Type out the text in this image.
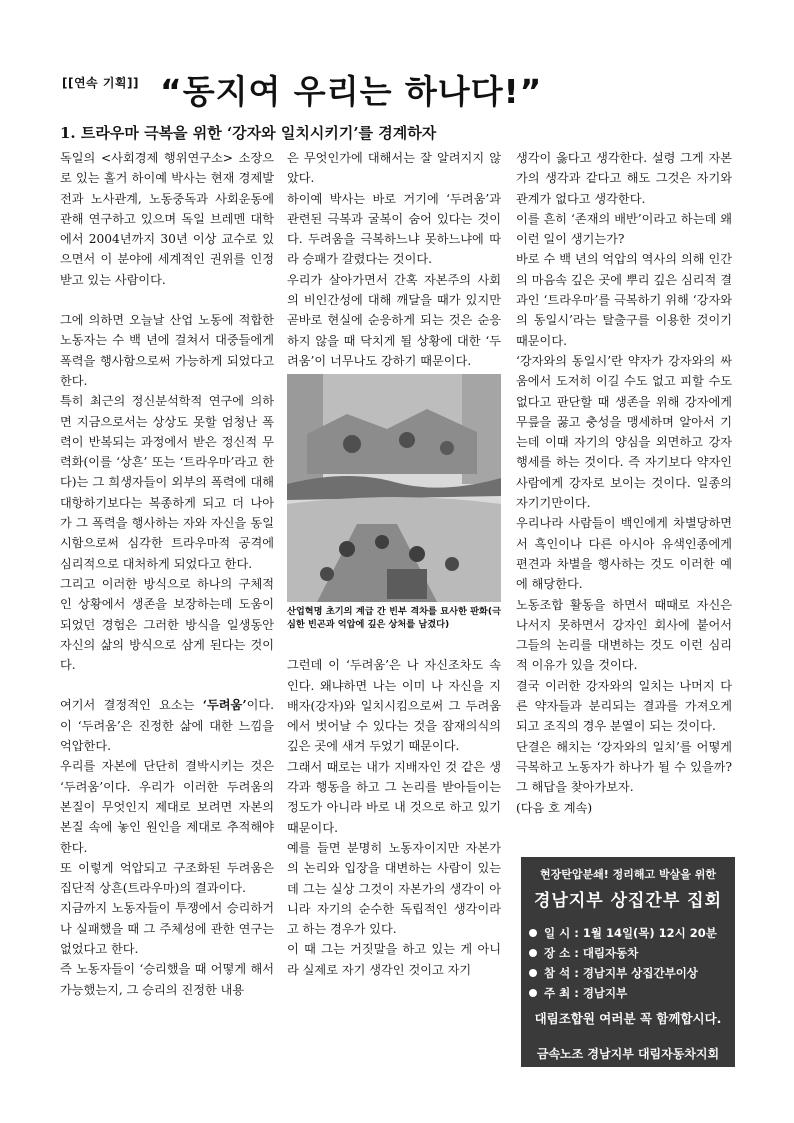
[[연속 기획]] “동지여 우리는 하나다!”
1. 트라우마 극복을 위한 ‘강자와 일치시키기’를 경계하자

독일의 <사회경제 행위연구소> 소장으로 있는 홀거 하이예 박사는 현재 경제발전과 노사관계, 노동중독과 사회운동에 관해 연구하고 있으며 독일 브레멘 대학에서 2004년까지 30년 이상 교수로 있으면서 이 분야에 세계적인 권위를 인정받고 있는 사람이다.

그에 의하면 오늘날 산업 노동에 적합한 노동자는 수 백 년에 걸쳐서 대중들에게 폭력을 행사함으로써 가능하게 되었다고 한다.

특히 최근의 정신분석학적 연구에 의하면 지금으로서는 상상도 못할 엄청난 폭력이 반복되는 과정에서 받은 정신적 무력화(이를 ‘상흔’ 또는 ‘트라우마’라고 한다)는 그 희생자들이 외부의 폭력에 대해 대항하기보다는 복종하게 되고 더 나아가 그 폭력을 행사하는 자와 자신을 동일시함으로써 심각한 트라우마적 공격에 심리적으로 대처하게 되었다고 한다.

그리고 이러한 방식으로 하나의 구체적인 상황에서 생존을 보장하는데 도움이 되었던 경험은 그러한 방식을 일생동안 자신의 삶의 방식으로 삼게 된다는 것이다.

여기서 결정적인 요소는 ‘두려움’이다. 이 ‘두려움’은 진정한 삶에 대한 느낌을 억압한다.

우리를 자본에 단단히 결박시키는 것은 ‘두려움’이다. 우리가 이러한 두려움의 본질이 무엇인지 제대로 보려면 자본의 본질 속에 놓인 원인을 제대로 추적해야 한다.

또 이렇게 억압되고 구조화된 두려움은 집단적 상흔(트라우마)의 결과이다.

지금까지 노동자들이 투쟁에서 승리하거나 실패했을 때 그 주체성에 관한 연구는 없었다고 한다.

즉 노동자들이 ‘승리했을 때 어떻게 해서 가능했는지, 그 승리의 진정한 내용

은 무엇인가에 대해서는 잘 알려지지 않았다.

하이예 박사는 바로 거기에 ‘두려움’과 관련된 극복과 굴복이 숨어 있다는 것이다. 두려움을 극복하느냐 못하느냐에 따라 승패가 갈렸다는 것이다.

우리가 살아가면서 간혹 자본주의 사회의 비인간성에 대해 깨달을 때가 있지만 곧바로 현실에 순응하게 되는 것은 순응하지 않을 때 닥치게 될 상황에 대한 ‘두려움’이 너무나도 강하기 때문이다.

산업혁명 초기의 계급 간 빈부 격차를 묘사한 판화(극심한 빈곤과 억압에 깊은 상처를 남겼다)

그런데 이 ‘두려움’은 나 자신조차도 속인다. 왜냐하면 나는 이미 나 자신을 지배자(강자)와 일치시킴으로써 그 두려움에서 벗어날 수 있다는 것을 잠재의식의 깊은 곳에 새겨 두었기 때문이다.

그래서 때로는 내가 지배자인 것 같은 생각과 행동을 하고 그 논리를 받아들이는 정도가 아니라 바로 내 것으로 하고 있기 때문이다.

예를 들면 분명히 노동자이지만 자본가의 논리와 입장을 대변하는 사람이 있는데 그는 실상 그것이 자본가의 생각이 아니라 자기의 순수한 독립적인 생각이라고 하는 경우가 있다.

이 때 그는 거짓말을 하고 있는 게 아니라 실제로 자기 생각인 것이고 자기

생각이 옳다고 생각한다. 설령 그게 자본가의 생각과 같다고 해도 그것은 자기와 관계가 없다고 생각한다.

이를 흔히 ‘존재의 배반’이라고 하는데 왜 이런 일이 생기는가?

바로 수 백 년의 억압의 역사의 의해 인간의 마음속 깊은 곳에 뿌리 깊은 심리적 결과인 ‘트라우마’를 극복하기 위해 ‘강자와의 동일시’라는 탈출구를 이용한 것이기 때문이다.

‘강자와의 동일시’란 약자가 강자와의 싸움에서 도저히 이길 수도 없고 피할 수도 없다고 판단할 때 생존을 위해 강자에게 무릎을 꿇고 충성을 맹세하며 알아서 기는데 이때 자기의 양심을 외면하고 강자행세를 하는 것이다. 즉 자기보다 약자인 사람에게 강자로 보이는 것이다. 일종의 자기기만이다.

우리나라 사람들이 백인에게 차별당하면서 흑인이나 다른 아시아 유색인종에게 편견과 차별을 행사하는 것도 이러한 예에 해당한다.

노동조합 활동을 하면서 때때로 자신은 나서지 못하면서 강자인 회사에 붙어서 그들의 논리를 대변하는 것도 이런 심리적 이유가 있을 것이다.

결국 이러한 강자와의 일치는 나머지 다른 약자들과 분리되는 결과를 가져오게 되고 조직의 경우 분열이 되는 것이다.

단결은 해치는 ‘강자와의 일치’를 어떻게 극복하고 노동자가 하나가 될 수 있을까? 그 해답을 찾아가보자.

(다음 호 계속)

현장탄압분쇄! 정리해고 박살을 위한
경남지부 상집간부 집회
일 시 : 1월 14일(목) 12시 20분
장 소 : 대림자동차
참 석 : 경남지부 상집간부이상
주 최 : 경남지부
대림조합원 여러분 꼭 함께합시다.
금속노조 경남지부 대림자동차지회
